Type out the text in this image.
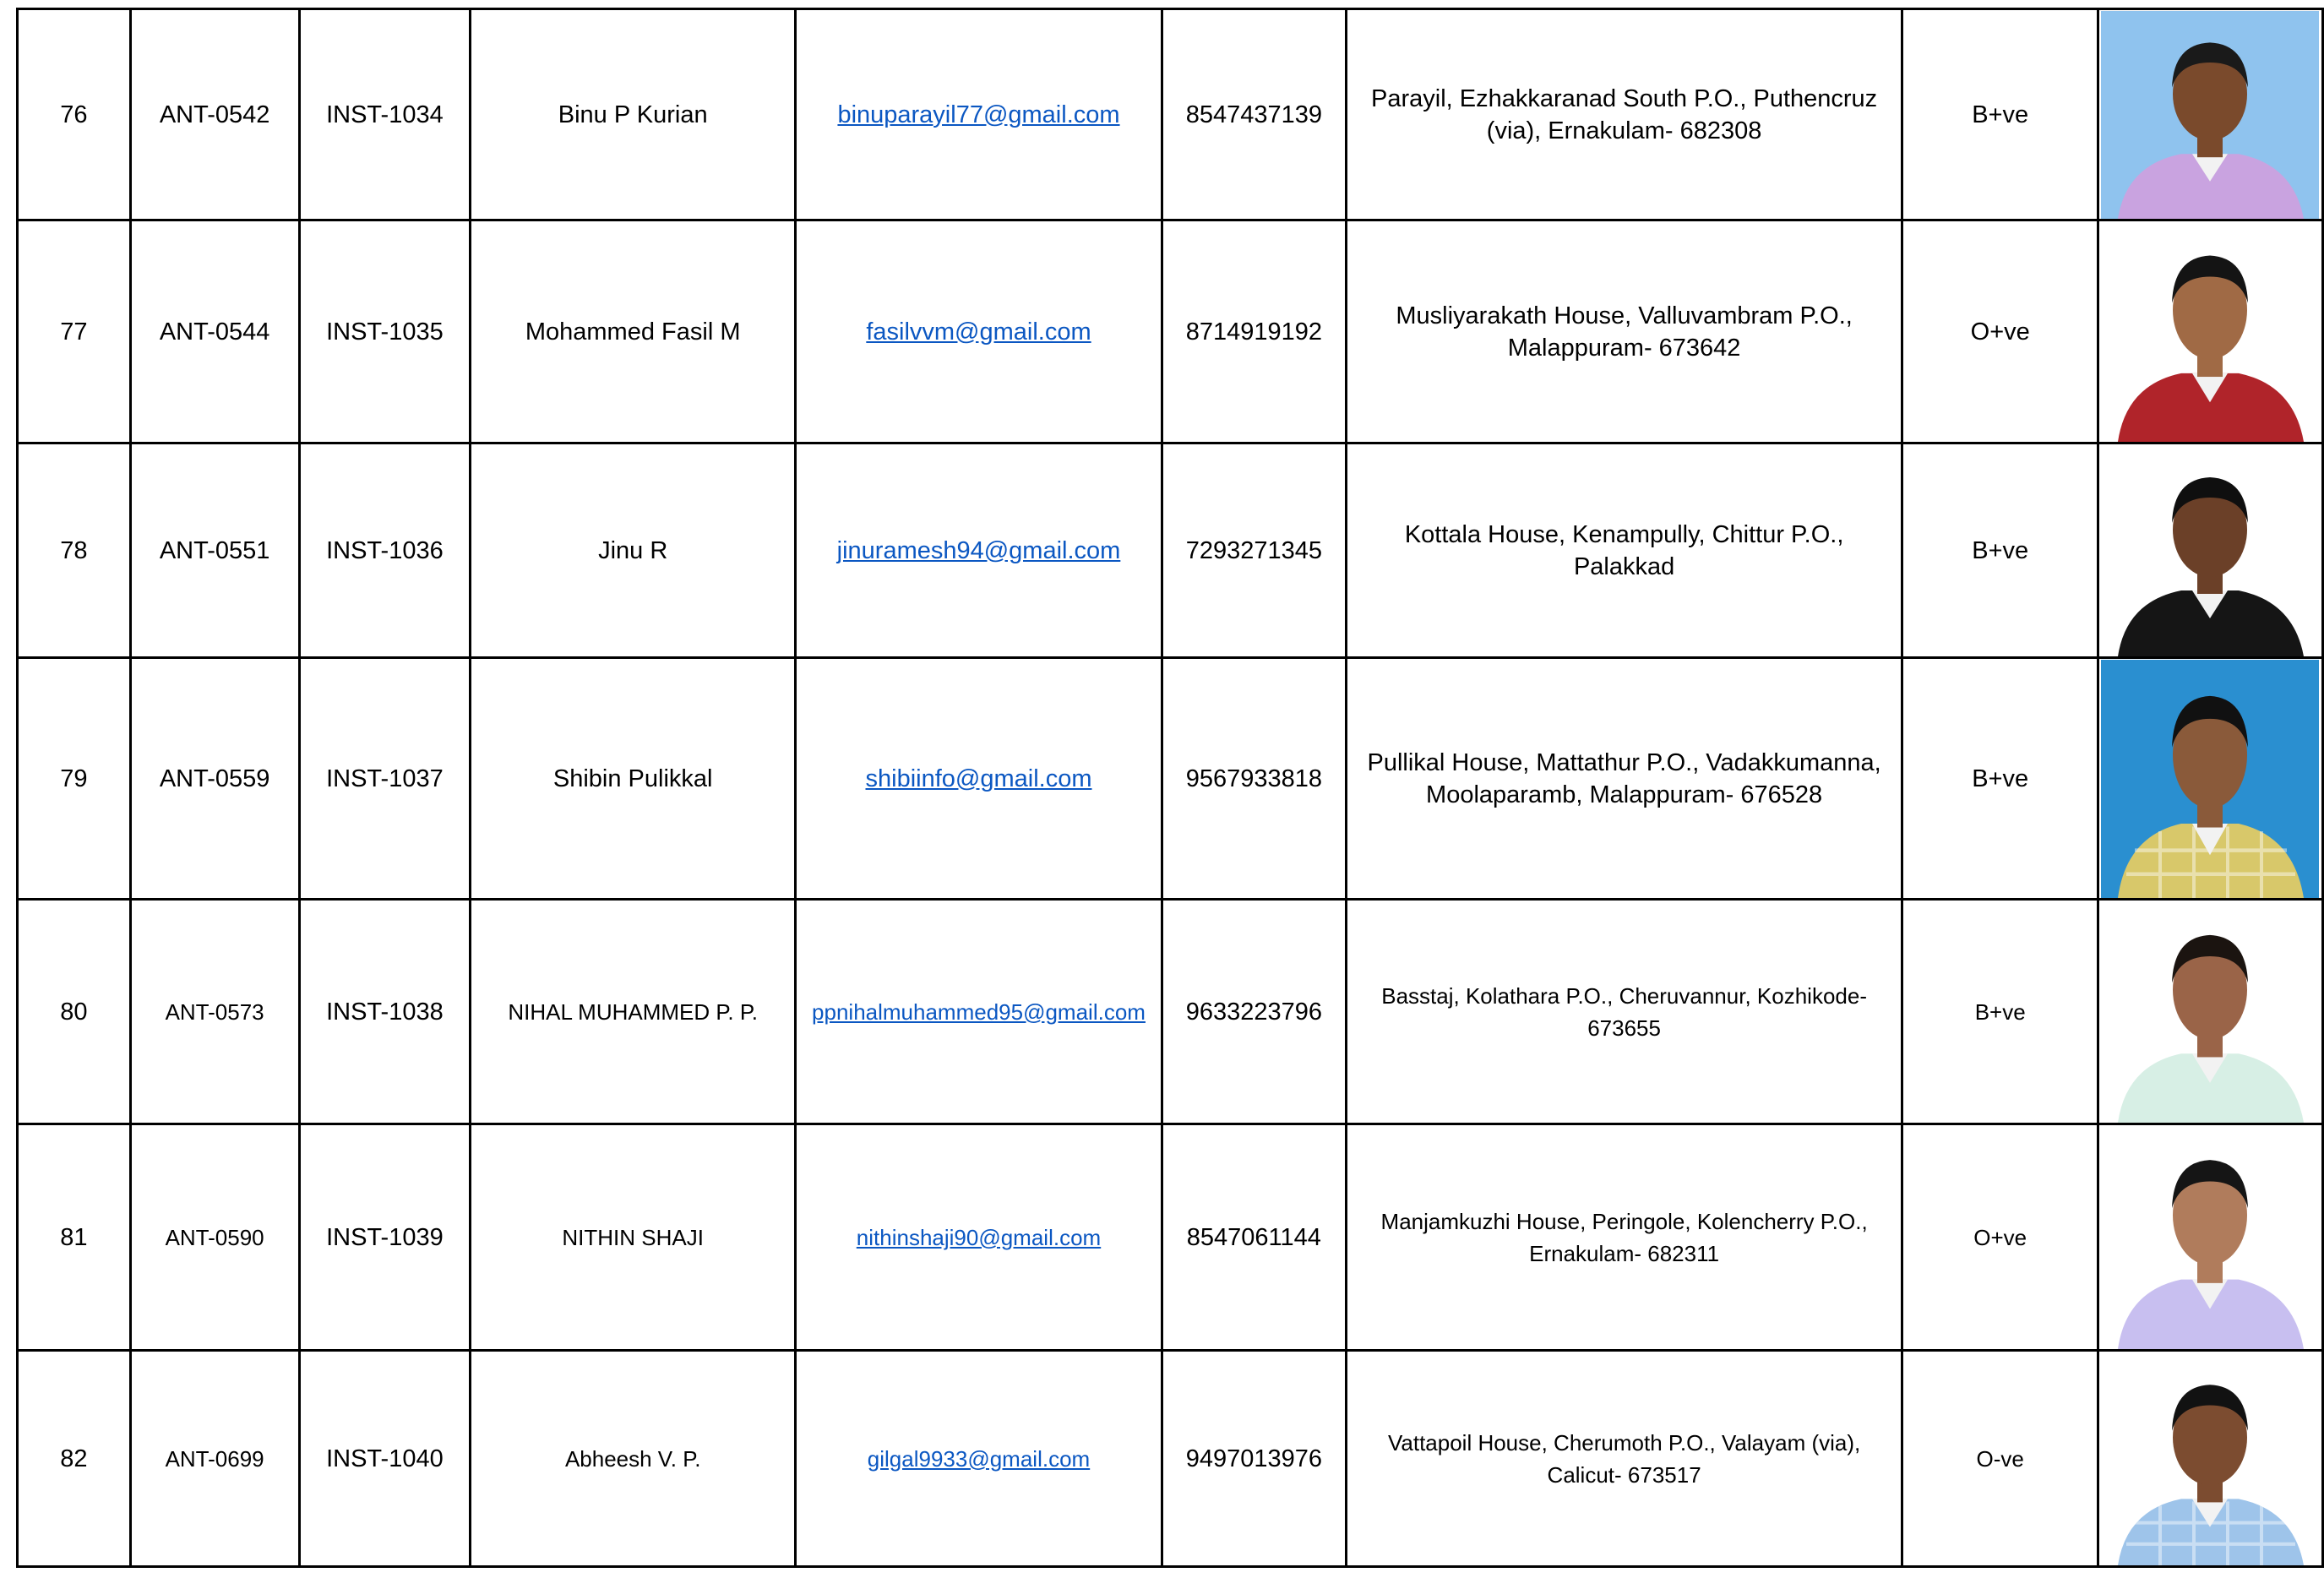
76	ANT-0542	INST-1034	Binu P Kurian	binuparayil77@gmail.com	8547437139	Parayil, Ezhakkaranad South P.O., Puthencruz (via), Ernakulam- 682308	B+ve	

77	ANT-0544	INST-1035	Mohammed Fasil M	fasilvvm@gmail.com	8714919192	Musliyarakath House, Valluvambram P.O., Malappuram- 673642	O+ve	

78	ANT-0551	INST-1036	Jinu R	jinuramesh94@gmail.com	7293271345	Kottala House, Kenampully, Chittur P.O., Palakkad	B+ve	

79	ANT-0559	INST-1037	Shibin Pulikkal	shibiinfo@gmail.com	9567933818	Pullikal House, Mattathur P.O., Vadakkumanna, Moolaparamb, Malappuram- 676528	B+ve	

80	ANT-0573	INST-1038	NIHAL MUHAMMED P. P.	ppnihalmuhammed95@gmail.com	9633223796	Basstaj, Kolathara P.O., Cheruvannur, Kozhikode- 673655	B+ve	

81	ANT-0590	INST-1039	NITHIN SHAJI	nithinshaji90@gmail.com	8547061144	Manjamkuzhi House, Peringole, Kolencherry P.O., Ernakulam- 682311	O+ve	

82	ANT-0699	INST-1040	Abheesh V. P.	gilgal9933@gmail.com	9497013976	Vattapoil House, Cherumoth P.O., Valayam (via), Calicut- 673517	O-ve	
